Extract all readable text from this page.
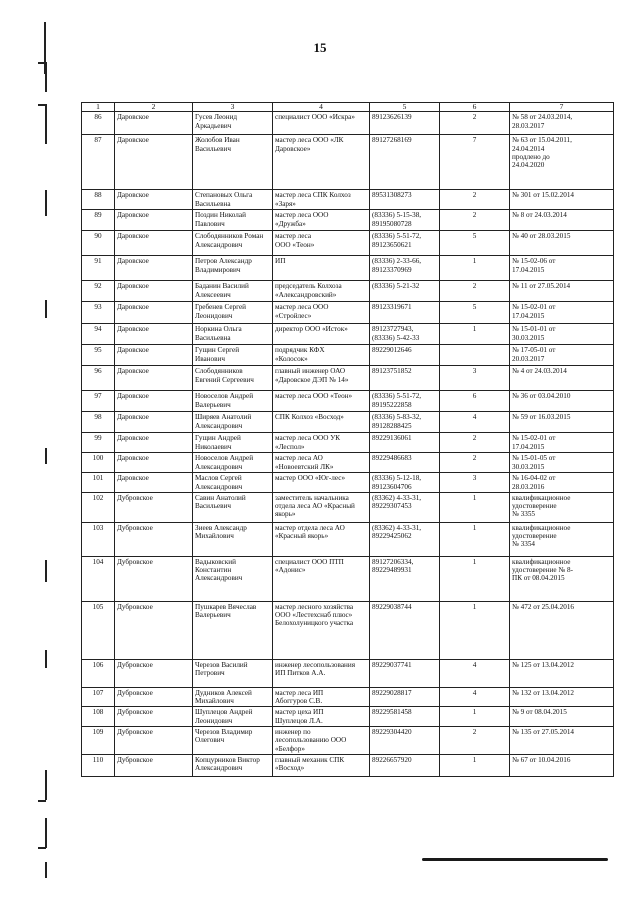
15
1	2	3	4	5	6	7
86	Даровское	Гусев Леонид
Аркадьевич	специалист ООО «Искра»	89123626139	2	№ 58 от 24.03.2014,
28.03.2017

87	Даровское	Жолобов Иван
Васильевич	мастер леса ООО «ЛК
Даровское»	89127268169	7	№ 63 от 15.04.2011,
24.04.2014
продлено до
24.04.2020

88	Даровское	Степановых Ольга
Васильевна	мастер леса СПК Колхоз
«Заря»	89531308273	2	№ 301 от 15.02.2014

89	Даровское	Поздин Николай
Павлович	мастер леса ООО
«Дружба»	(83336) 5-15-38,
89195080728	2	№ 8 от 24.03.2014

90	Даровское	Слободянников Роман
Александрович	мастер леса
ООО «Теон»	(83336) 5-51-72,
89123650621	5	№ 40 от 28.03.2015

91	Даровское	Петров Александр
Владимирович	ИП	(83336) 2-33-66,
89123370969	1	№ 15-02-06 от
17.04.2015

92	Даровское	Баданин Василий
Алексеевич	председатель Колхоза
«Александровский»	(83336) 5-21-32	2	№ 11 от 27.05.2014

93	Даровское	Гребенев Сергей
Леонидович	мастер леса ООО
«Стройлес»	89123319671	5	№ 15-02-01 от
17.04.2015

94	Даровское	Норкина Ольга
Васильевна	директор ООО «Исток»	89123727943,
(83336) 5-42-33	1	№ 15-01-01 от
30.03.2015

95	Даровское	Гущин Сергей
Иванович	подрядчик КФХ
«Колосок»	89229012646		№ 17-05-01 от
20.03.2017

96	Даровское	Слободянников
Евгений Сергеевич	главный инженер ОАО
«Даровское ДЭП № 14»	89123751852	3	№ 4 от 24.03.2014

97	Даровское	Новоселов Андрей
Валерьевич	мастер леса ООО «Теон»	(83336) 5-51-72,
89195222858	6	№ 36 от 03.04.2010

98	Даровское	Ширяев Анатолий
Александрович	СПК Колхоз «Восход»	(83336) 5-83-32,
89128288425	4	№ 59 от 16.03.2015

99	Даровское	Гущин Андрей
Николаевич	мастер леса ООО УК «Леспол»	89229136061	2	№ 15-02-01 от
17.04.2015

100	Даровское	Новоселов Андрей
Александрович	мастер леса АО
«Новоевтский ЛК»	89229486683	2	№ 15-01-05 от
30.03.2015

101	Даровское	Маслов Сергей
Александрович	мастер ООО «Юг-лес»	(83336) 5-12-18,
89123604706	3	№ 16-04-02 от
28.03.2016

102	Дубровское	Савин Анатолий
Васильевич	заместитель начальника
отдела леса АО «Красный
якорь»	(83362) 4-33-31,
89229307453	1	квалификационное
удостоверение
№ 3355

103	Дубровское	Зиеев Александр
Михайлович	мастер отдела леса АО
«Красный якорь»	(83362) 4-33-31,
89229425062	1	квалификационное
удостоверение
№ 3354

104	Дубровское	Вадыковский
Константин
Александрович	специалист ООО ПТП
«Адонис»	89127206334,
89229489931	1	квалификационное
удостоверение № 8-
ПК от 08.04.2015

105	Дубровское	Пушкарев Вячеслав
Валерьевич	мастер лесного хозяйства
ООО «Лестехснаб плюс»
Белохолуницкого участка	89229038744	1	№ 472 от 25.04.2016

106	Дубровское	Черезов Василий
Петрович	инженер лесопользования
ИП Питков А.А.	89229037741	4	№ 125 от 13.04.2012

107	Дубровское	Дудников Алексей
Михайлович	мастер леса ИП
Абоггуров С.В.	89229028817	4	№ 132 от 13.04.2012

108	Дубровское	Шуплецов Андрей
Леонидович	мастер цеха ИП
Шуплецов Л.А.	89229581458	1	№ 9 от 08.04.2015

109	Дубровское	Черезов Владимир
Олегович	инженер по
лесопользованию ООО
«Белфор»	89229304420	2	№ 135 от 27.05.2014

110	Дубровское	Копцурников Виктор
Александрович	главный механик СПК
«Восход»	89226657920	1	№ 67 от 10.04.2016
